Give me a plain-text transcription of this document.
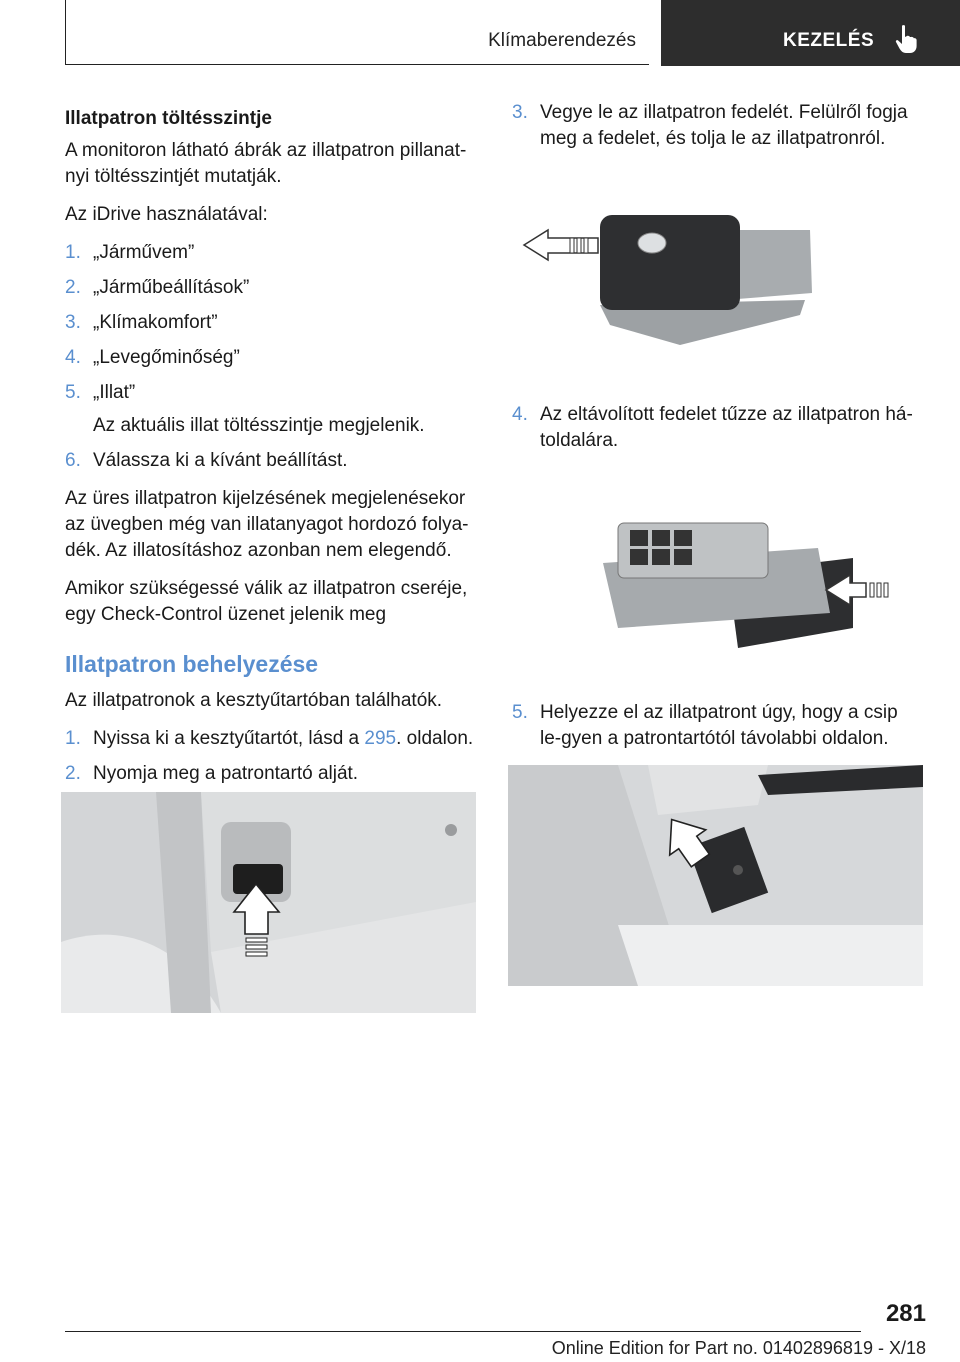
Klímaberendezés	KEZELÉS
Illatpatron töltésszintje

A monitoron látható ábrák az illatpatron pillanat-nyi töltésszintjét mutatják.

Az iDrive használatával:

1. „Járművem”
2. „Járműbeállítások”
3. „Klímakomfort”
4. „Levegőminőség”
5. „Illat”
Az aktuális illat töltésszintje megjelenik.
6. Válassza ki a kívánt beállítást.

Az üres illatpatron kijelzésének megjelenésekor az üvegben még van illatanyagot hordozó folya-dék. Az illatosításhoz azonban nem elegendő.

Amikor szükségessé válik az illatpatron cseréje, egy Check-Control üzenet jelenik meg

Illatpatron behelyezése

Az illatpatronok a kesztyűtartóban találhatók.

1. Nyissa ki a kesztyűtartót, lásd a 295. oldalon.
2. Nyomja meg a patrontartó alját.
3. Vegye le az illatpatron fedelét. Felülről fogja meg a fedelet, és tolja le az illatpatronról.
4. Az eltávolított fedelet tűzze az illatpatron há-toldalára.
5. Helyezze el az illatpatront úgy, hogy a csip le-gyen a patrontartótól távolabbi oldalon.
281
Online Edition for Part no. 01402896819 - X/18
